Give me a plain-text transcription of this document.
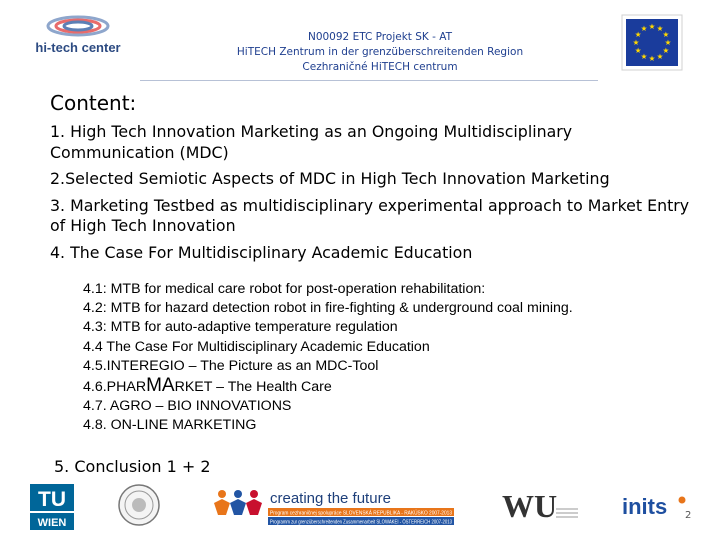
hi-tech center
N00092 ETC Projekt SK - AT
HiTECH Zentrum in der grenzüberschreitenden Region
Cezhraničné HiTECH centrum
★ ★
★
★
★
★
★
★
★
★
★
★
Content:
1. High Tech Innovation Marketing as an Ongoing Multidisciplinary Communication (MDC)
2.Selected Semiotic Aspects of MDC in High Tech Innovation Marketing
3. Marketing Testbed as multidisciplinary experimental approach to Market Entry of High Tech Innovation
4. The Case For Multidisciplinary Academic Education
4.1: MTB for medical care robot for post-operation rehabilitation:
4.2: MTB for hazard detection robot in fire-fighting & underground coal mining.
4.3: MTB for auto-adaptive temperature regulation
4.4 The Case For Multidisciplinary Academic Education
4.5.INTEREGIO – The Picture as an MDC-Tool
4.6.PHARMARKET – The Health Care
4.7. AGRO – BIO INNOVATIONS
4.8. ON-LINE MARKETING
5. Conclusion 1 + 2
TU
WIEN
creating the future
Program cezhraničnej spolupráce SLOVENSKÁ REPUBLIKA - RAKÚSKO 2007-2013
Programm zur grenzüberschreitenden Zusammenarbeit SLOWAKEI - ÖSTERREICH 2007-2013 WU	inits 2
